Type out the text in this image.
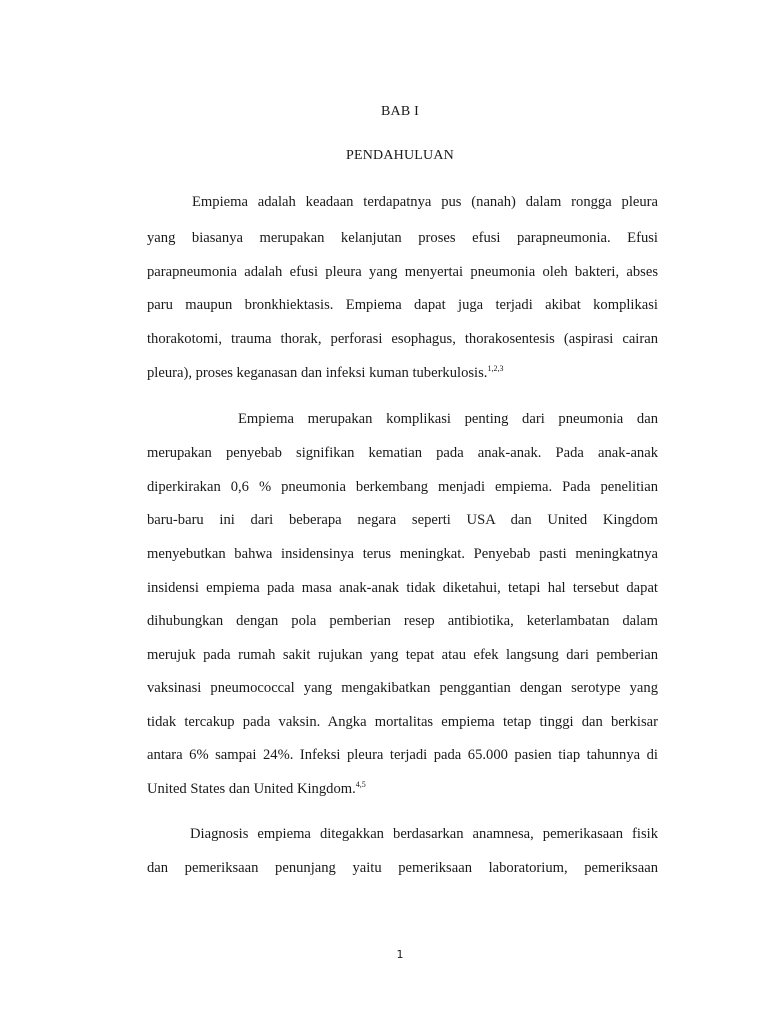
BAB I
PENDAHULUAN
Empiema adalah keadaan terdapatnya pus (nanah) dalam rongga pleura
yang biasanya merupakan kelanjutan proses efusi parapneumonia. Efusi
parapneumonia adalah efusi pleura yang menyertai pneumonia oleh bakteri, abses
paru maupun bronkhiektasis. Empiema dapat juga terjadi akibat komplikasi
thorakotomi, trauma thorak, perforasi esophagus, thorakosentesis (aspirasi cairan
pleura), proses keganasan dan infeksi kuman tuberkulosis.$^{1,2,3}$
Empiema merupakan komplikasi penting dari pneumonia dan
merupakan penyebab signifikan kematian pada anak-anak. Pada anak-anak
diperkirakan 0,6 % pneumonia berkembang menjadi empiema. Pada penelitian
baru-baru ini dari beberapa negara seperti USA dan United Kingdom
menyebutkan bahwa insidensinya terus meningkat. Penyebab pasti meningkatnya
insidensi empiema pada masa anak-anak tidak diketahui, tetapi hal tersebut dapat
dihubungkan dengan pola pemberian resep antibiotika, keterlambatan dalam
merujuk pada rumah sakit rujukan yang tepat atau efek langsung dari pemberian
vaksinasi pneumococcal yang mengakibatkan penggantian dengan serotype yang
tidak tercakup pada vaksin. Angka mortalitas empiema tetap tinggi dan berkisar
antara 6% sampai 24%. Infeksi pleura terjadi pada 65.000 pasien tiap tahunnya di
United States dan United Kingdom.$^{4,5}$
Diagnosis empiema ditegakkan berdasarkan anamnesa, pemerikasaan fisik
dan pemeriksaan penunjang yaitu pemeriksaan laboratorium, pemeriksaan
1
